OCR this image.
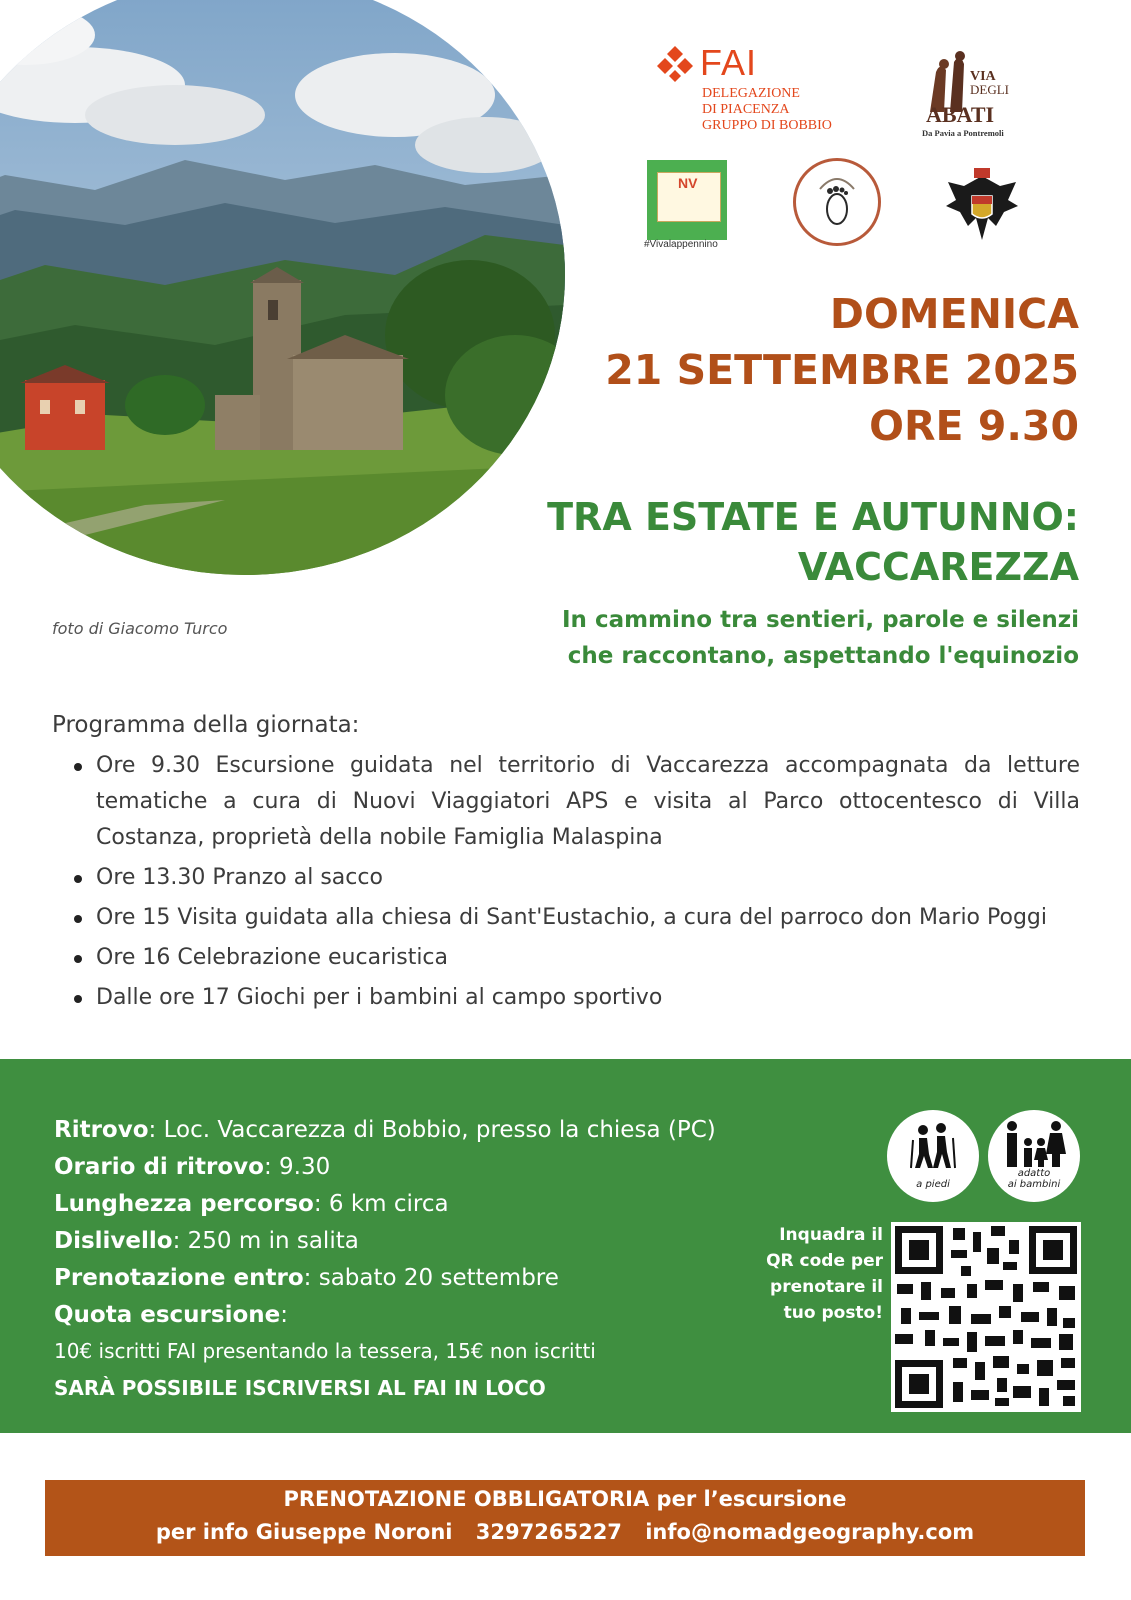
foto di Giacomo Turco
FAI
DELEGAZIONE
DI PIACENZA
GRUPPO DI BOBBIO
VIA
DEGLI
ABATI
Da Pavia a Pontremoli
NV
#Vivalappennino
DOMENICA
21 SETTEMBRE 2025
ORE 9.30
TRA ESTATE E AUTUNNO:
VACCAREZZA
In cammino tra sentieri, parole e silenzi
che raccontano, aspettando l'equinozio
Programma della giornata:
Ore 9.30 Escursione guidata nel territorio di Vaccarezza accompagnata da letture tematiche a cura di Nuovi Viaggiatori APS e visita al Parco ottocentesco di Villa Costanza, proprietà della nobile Famiglia Malaspina
Ore 13.30 Pranzo al sacco
Ore 15 Visita guidata alla chiesa di Sant'Eustachio, a cura del parroco don Mario Poggi
Ore 16 Celebrazione eucaristica
Dalle ore 17 Giochi per i bambini al campo sportivo
Ritrovo: Loc. Vaccarezza di Bobbio, presso la chiesa (PC)
Orario di ritrovo: 9.30
Lunghezza percorso: 6 km circa
Dislivello: 250 m in salita
Prenotazione entro: sabato 20 settembre
Quota escursione:
10€ iscritti FAI presentando la tessera, 15€ non iscritti
SARÀ POSSIBILE ISCRIVERSI AL FAI IN LOCO
a piedi
adatto
ai bambini
Inquadra il
QR code per
prenotare il
tuo posto!
PRENOTAZIONE OBBLIGATORIA per l’escursione
per info Giuseppe Noroni 3297265227 info@nomadgeography.com
